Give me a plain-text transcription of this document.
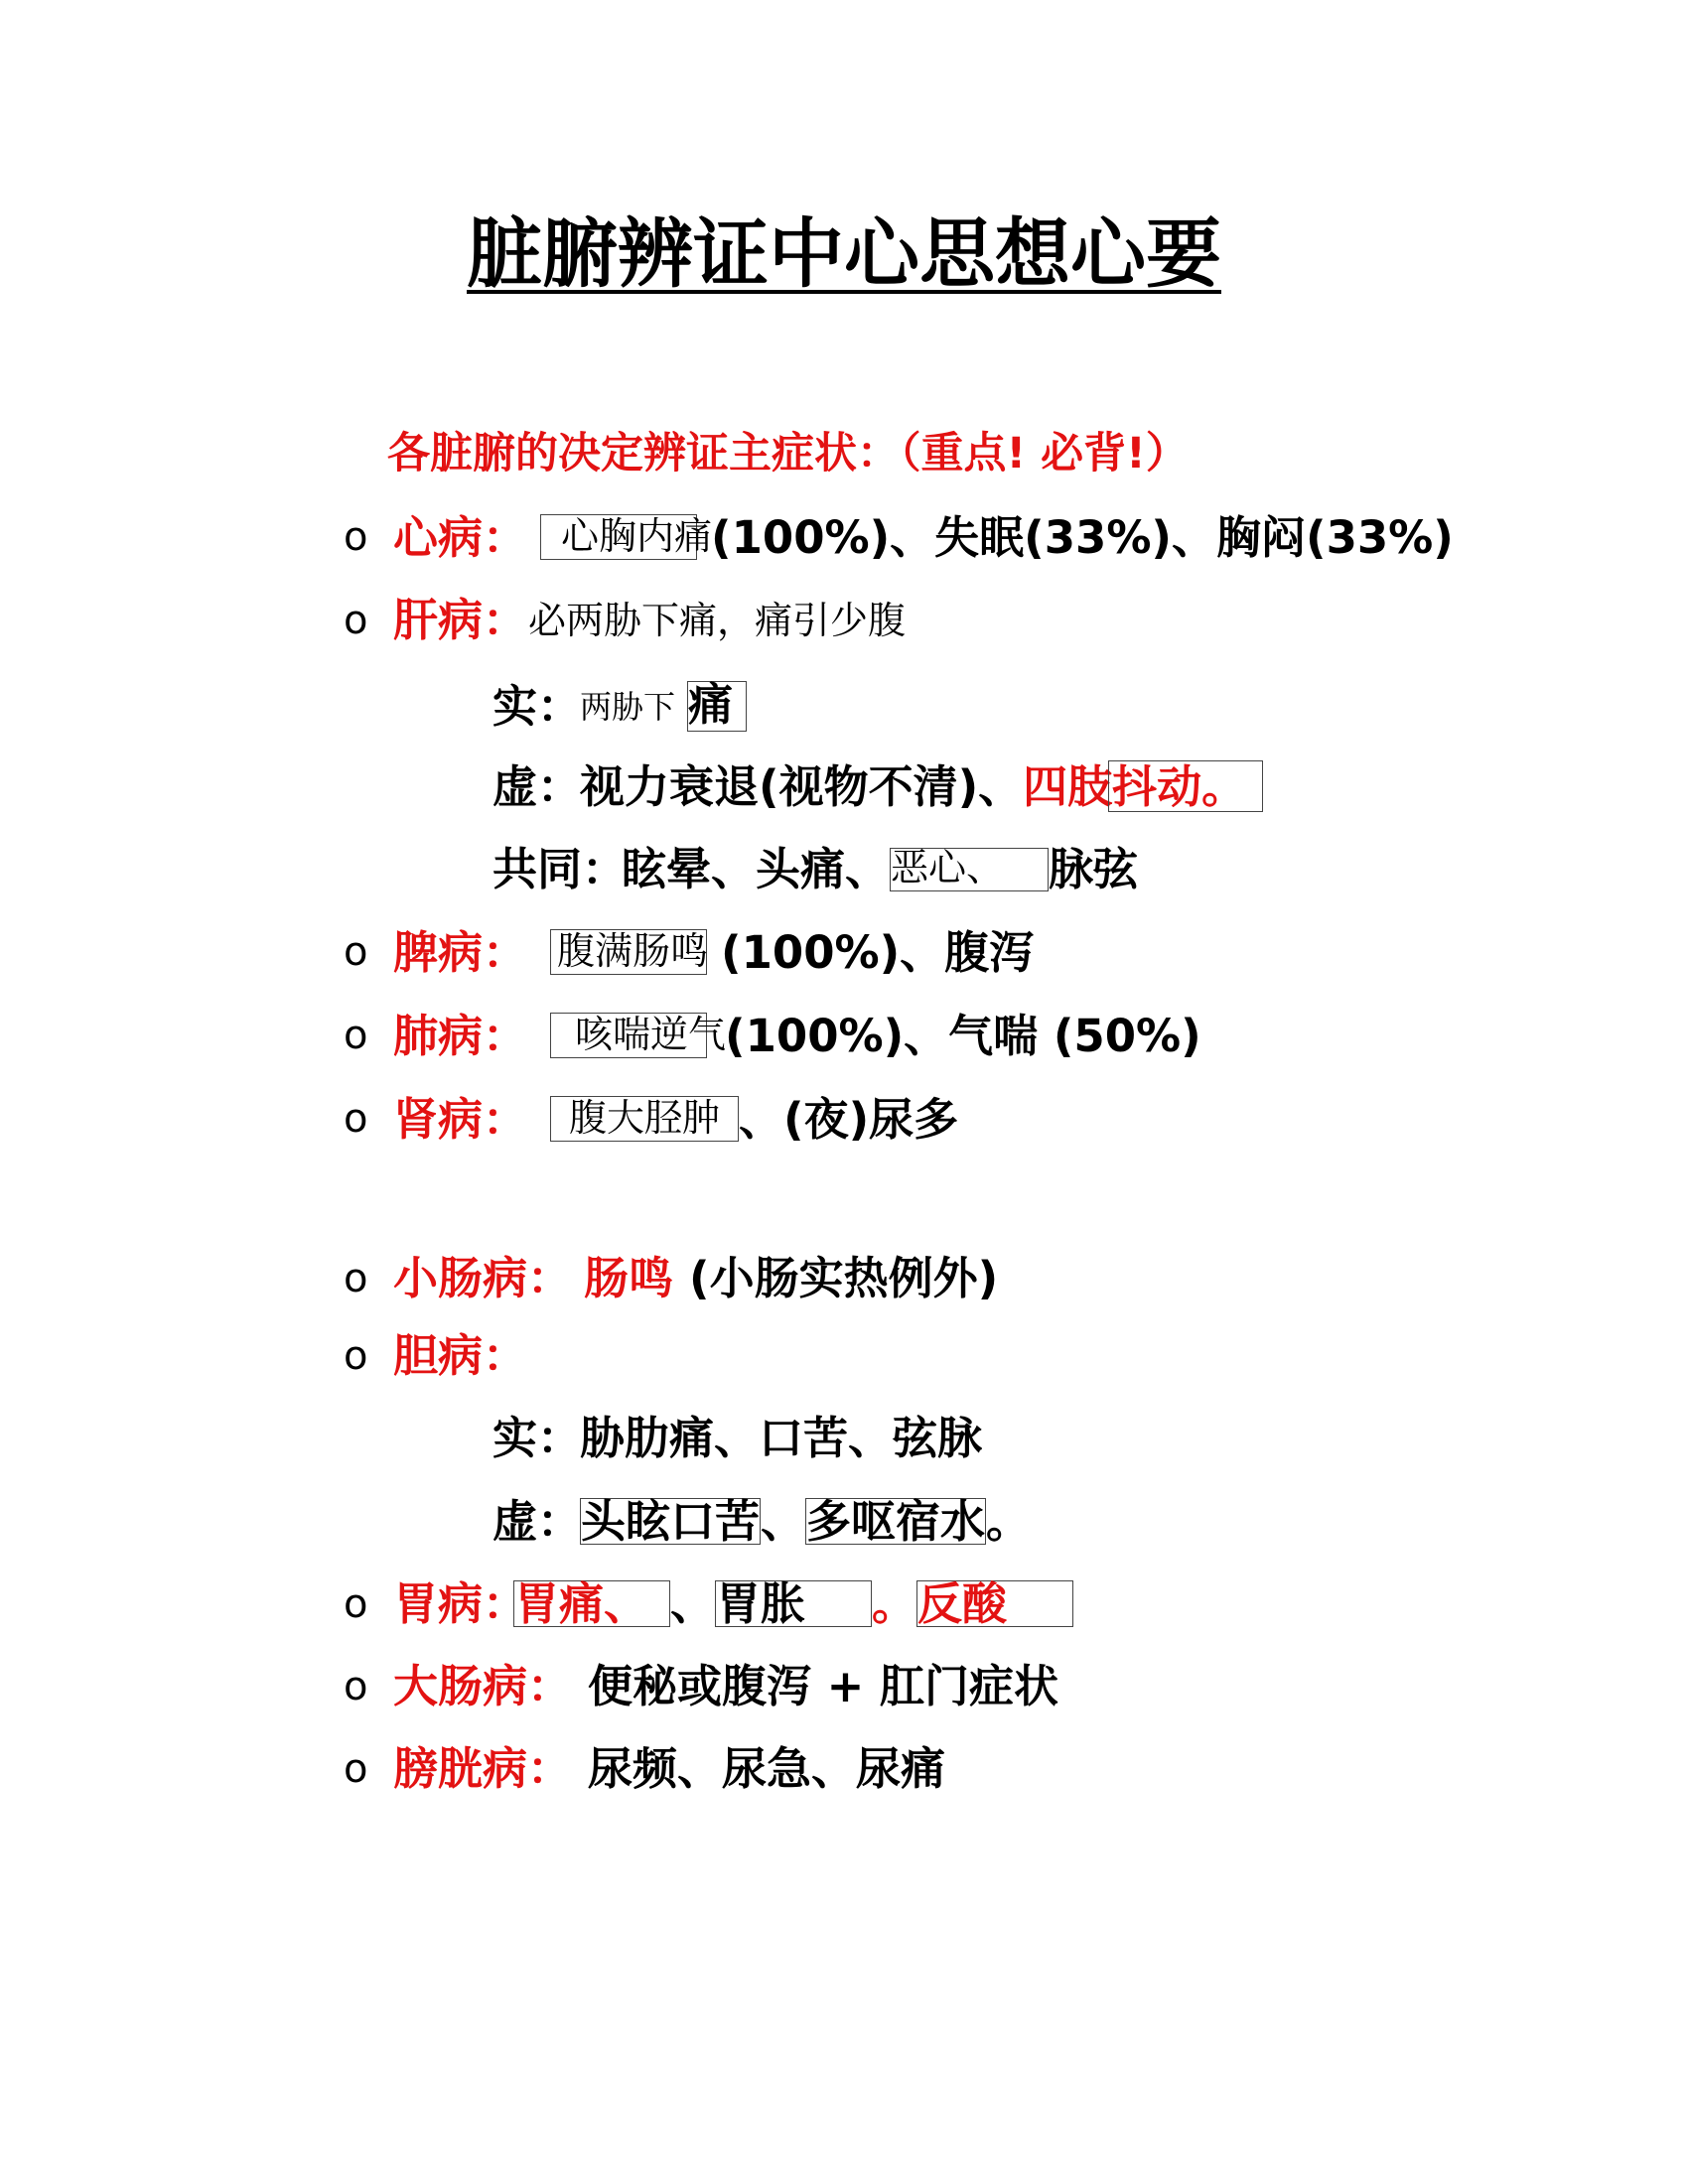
脏腑辨证中心思想心要
各脏腑的决定辨证主症状：（重点! 必背!）
o 心病： 心胸内痛
(100%)、失眠(33%)、胸闷(33%)
o 肝病： 必两胁下痛，痛引少腹
实：
两胁下 痛
虚：
视力衰退(视物不清)、 四肢抖动。
共同：
眩晕、头痛、 恶心、 脉弦
o 脾病： 腹满肠鸣 (100%)、腹泻
o 肺病：	咳喘逆气
(100%)、气喘 (50%)
o 肾病：	腹大胫肿 、(夜)尿多
o 小肠病： 肠鸣 (小肠实热例外)
o 胆病：
实：
胁肋痛、口苦、弦脉
虚：
头眩口苦 、 多呕宿水 。
o 胃病：
胃痛、 、 胃胀	。 反酸
o 大肠病： 便秘或腹泻 + 肛门症状
o 膀胱病： 尿频、尿急、尿痛
